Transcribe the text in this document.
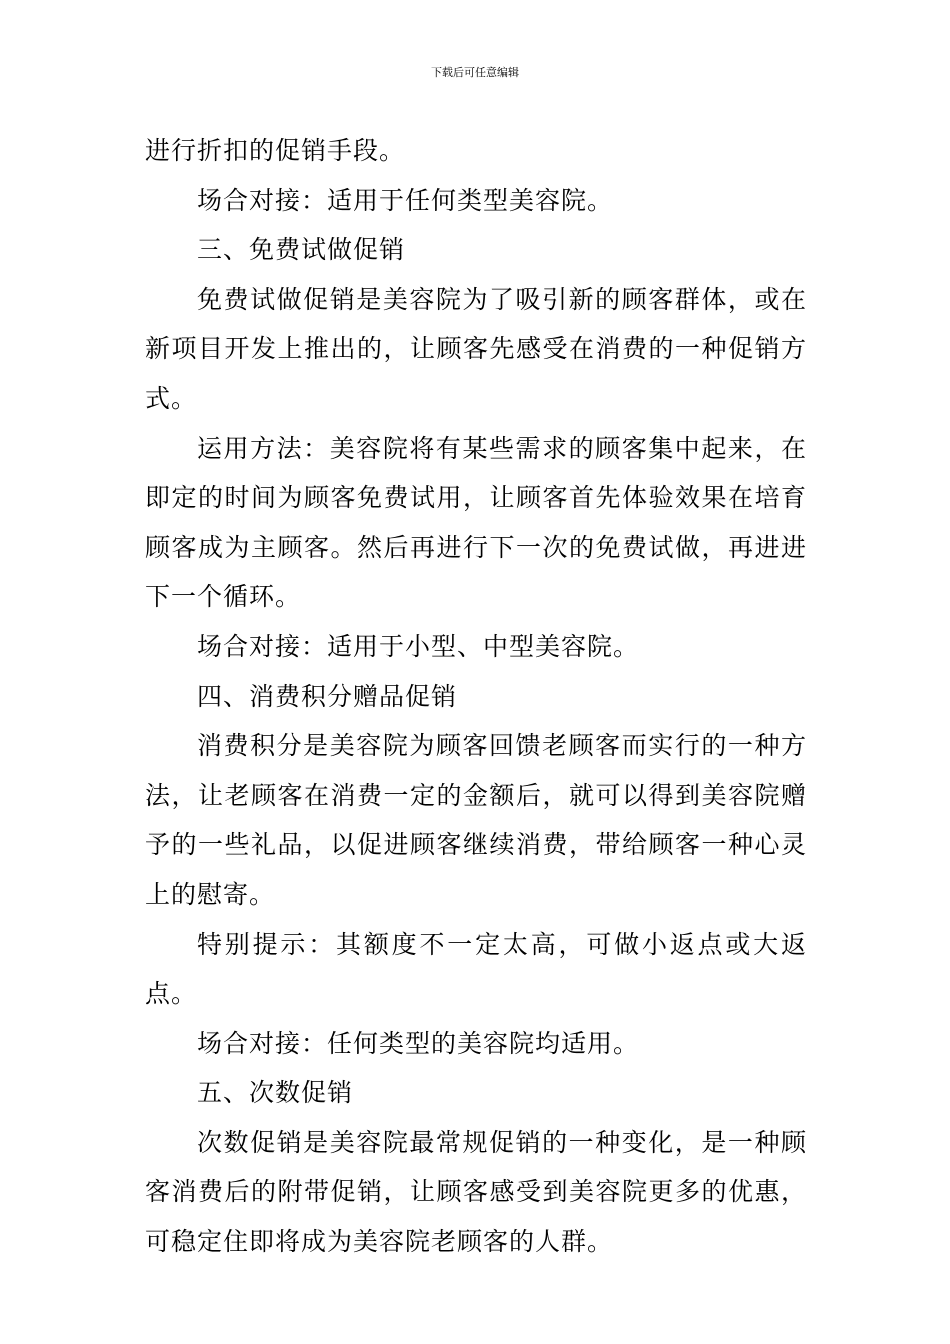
下载后可任意编辑

进行折扣的促销手段。

场合对接：适用于任何类型美容院。

三、免费试做促销

免费试做促销是美容院为了吸引新的顾客群体，或在新项目开发上推出的，让顾客先感受在消费的一种促销方式。

运用方法：美容院将有某些需求的顾客集中起来，在即定的时间为顾客免费试用，让顾客首先体验效果在培育顾客成为主顾客。然后再进行下一次的免费试做，再进进下一个循环。

场合对接：适用于小型、中型美容院。

四、消费积分赠品促销

消费积分是美容院为顾客回馈老顾客而实行的一种方法，让老顾客在消费一定的金额后，就可以得到美容院赠予的一些礼品，以促进顾客继续消费，带给顾客一种心灵上的慰寄。

特别提示：其额度不一定太高，可做小返点或大返点。

场合对接：任何类型的美容院均适用。

五、次数促销

次数促销是美容院最常规促销的一种变化，是一种顾客消费后的附带促销，让顾客感受到美容院更多的优惠，可稳定住即将成为美容院老顾客的人群。
